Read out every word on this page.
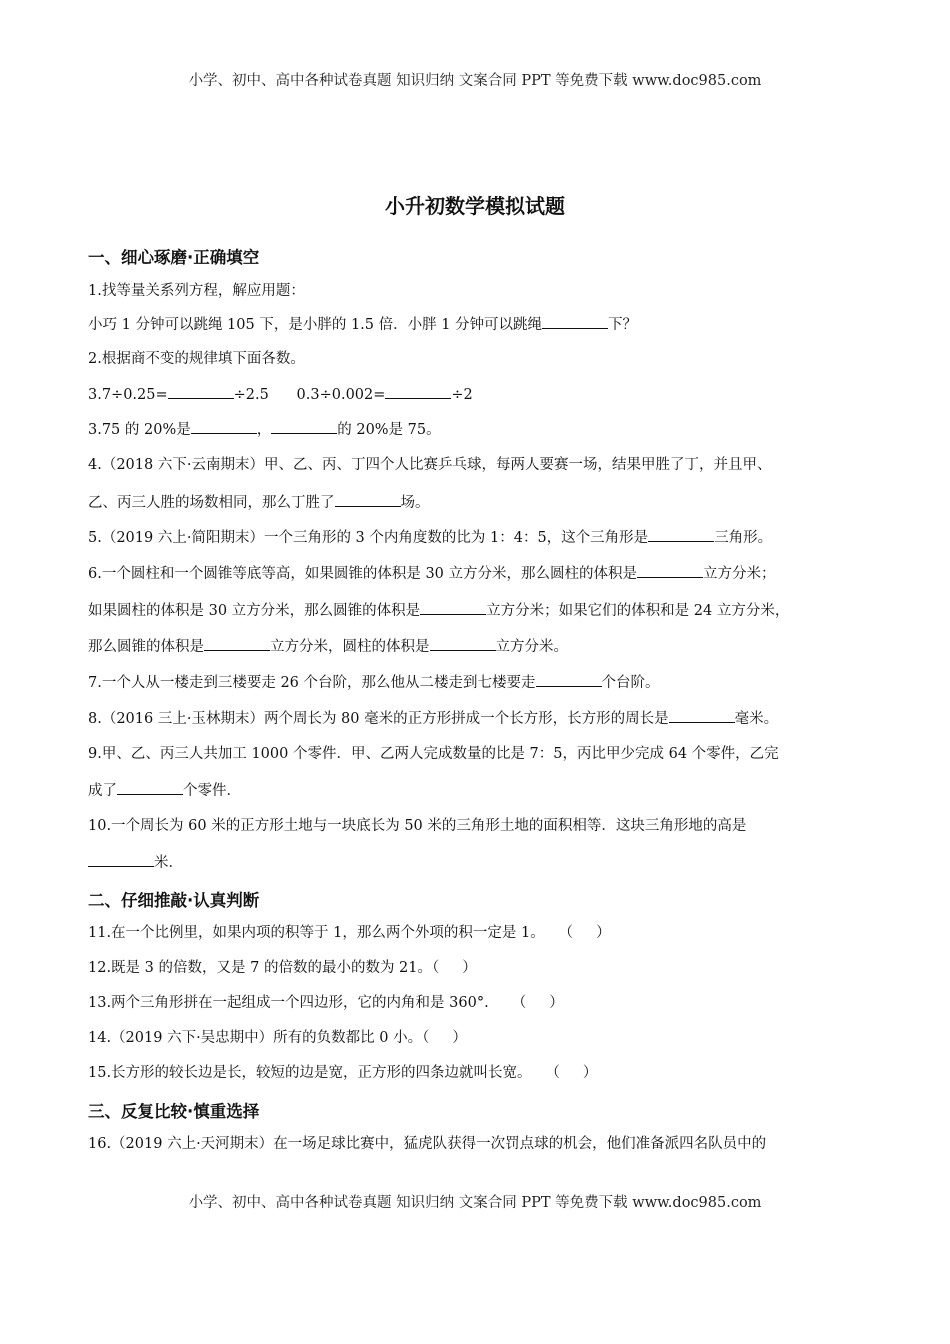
小学、初中、高中各种试卷真题 知识归纳 文案合同 PPT 等免费下载 www.doc985.com
小升初数学模拟试题
一、细心琢磨·正确填空
1.找等量关系列方程，解应用题：
小巧 1 分钟可以跳绳 105 下，是小胖的 1.5 倍．小胖 1 分钟可以跳绳	下？
2.根据商不变的规律填下面各数。
3.7÷0.25=	÷2.5      0.3÷0.002=	÷2
3.75 的 20%是	，	的 20%是 75。
4.（2018 六下·云南期末）甲、乙、丙、丁四个人比赛乒乓球，每两人要赛一场，结果甲胜了丁，并且甲、
乙、丙三人胜的场数相同，那么丁胜了	场。
5.（2019 六上·简阳期末）一个三角形的 3 个内角度数的比为 1：4：5，这个三角形是	三角形。
6.一个圆柱和一个圆锥等底等高，如果圆锥的体积是 30 立方分米，那么圆柱的体积是	立方分米；
如果圆柱的体积是 30 立方分米，那么圆锥的体积是	立方分米；如果它们的体积和是 24 立方分米，
那么圆锥的体积是	立方分米，圆柱的体积是	立方分米。
7.一个人从一楼走到三楼要走 26 个台阶，那么他从二楼走到七楼要走	个台阶。
8.（2016 三上·玉林期末）两个周长为 80 毫米的正方形拼成一个长方形，长方形的周长是	毫米。
9.甲、乙、丙三人共加工 1000 个零件．甲、乙两人完成数量的比是 7：5，丙比甲少完成 64 个零件，乙完
成了	个零件．
10.一个周长为 60 米的正方形土地与一块底长为 50 米的三角形土地的面积相等．这块三角形地的高是
米．
二、仔细推敲·认真判断
11.在一个比例里，如果内项的积等于 1，那么两个外项的积一定是 1。   （     ）
12.既是 3 的倍数，又是 7 的倍数的最小的数为 21。（     ）
13.两个三角形拼在一起组成一个四边形，它的内角和是 360°.     （     ）
14.（2019 六下·吴忠期中）所有的负数都比 0 小。（     ）
15.长方形的较长边是长，较短的边是宽，正方形的四条边就叫长宽。   （     ）
三、反复比较·慎重选择
16.（2019 六上·天河期末）在一场足球比赛中，猛虎队获得一次罚点球的机会，他们准备派四名队员中的
小学、初中、高中各种试卷真题 知识归纳 文案合同 PPT 等免费下载 www.doc985.com
